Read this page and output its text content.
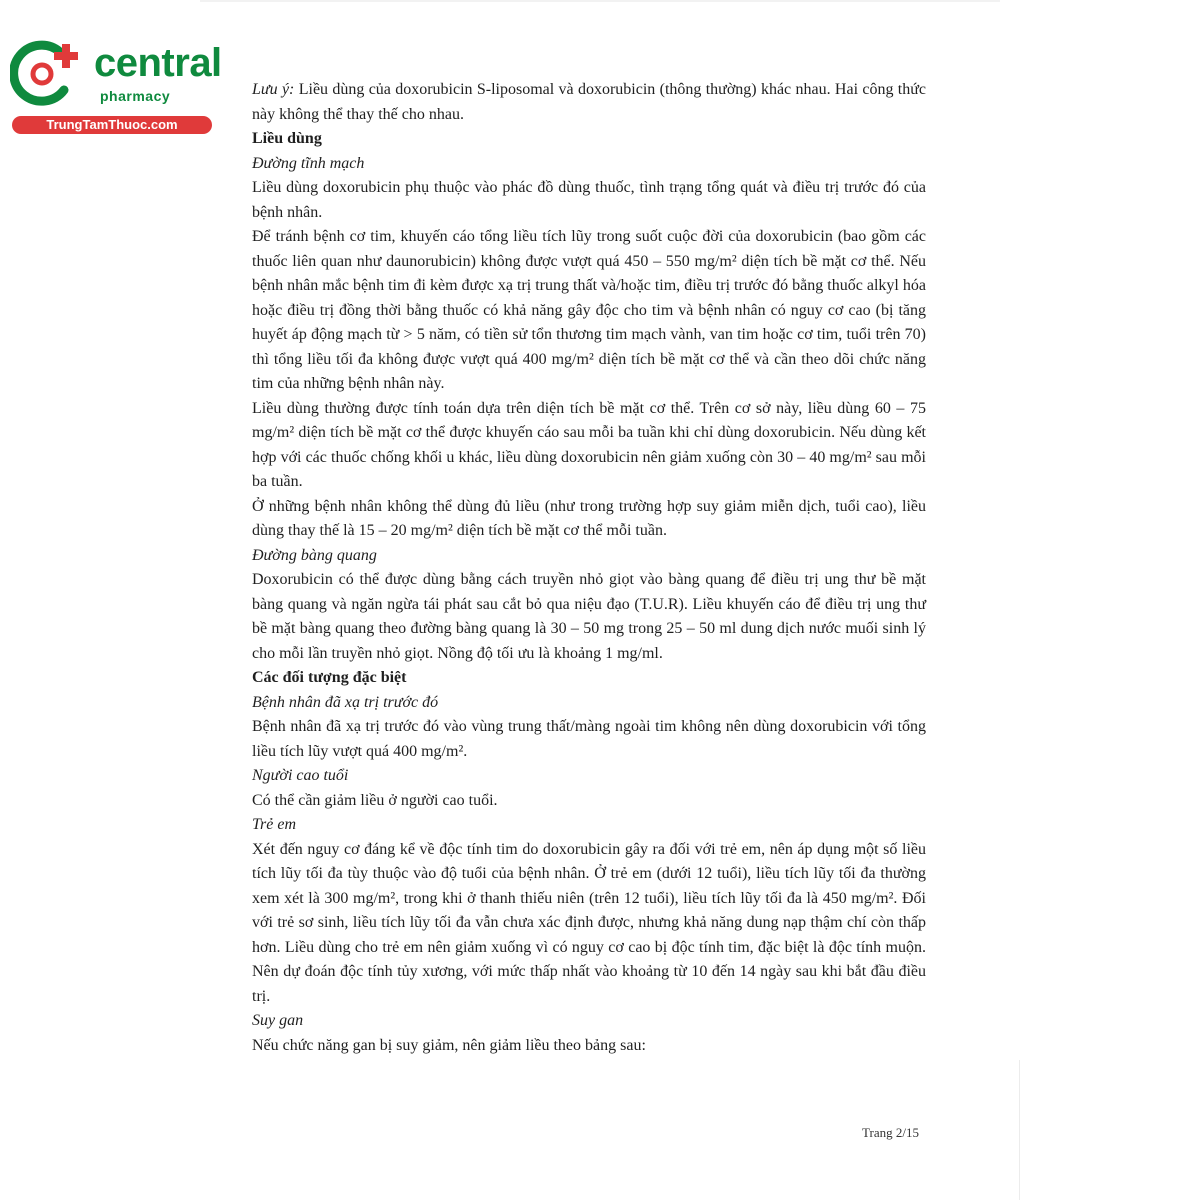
central
pharmacy
TrungTamThuoc.com

Lưu ý: Liều dùng của doxorubicin S-liposomal và doxorubicin (thông thường) khác nhau. Hai công thức này không thể thay thế cho nhau.

Liều dùng

Đường tĩnh mạch

Liều dùng doxorubicin phụ thuộc vào phác đồ dùng thuốc, tình trạng tổng quát và điều trị trước đó của bệnh nhân.

Để tránh bệnh cơ tim, khuyến cáo tổng liều tích lũy trong suốt cuộc đời của doxorubicin (bao gồm các thuốc liên quan như daunorubicin) không được vượt quá 450 – 550 mg/m² diện tích bề mặt cơ thể. Nếu bệnh nhân mắc bệnh tim đi kèm được xạ trị trung thất và/hoặc tim, điều trị trước đó bằng thuốc alkyl hóa hoặc điều trị đồng thời bằng thuốc có khả năng gây độc cho tim và bệnh nhân có nguy cơ cao (bị tăng huyết áp động mạch từ > 5 năm, có tiền sử tổn thương tim mạch vành, van tim hoặc cơ tim, tuổi trên 70) thì tổng liều tối đa không được vượt quá 400 mg/m² diện tích bề mặt cơ thể và cần theo dõi chức năng tim của những bệnh nhân này.

Liều dùng thường được tính toán dựa trên diện tích bề mặt cơ thể. Trên cơ sở này, liều dùng 60 – 75 mg/m² diện tích bề mặt cơ thể được khuyến cáo sau mỗi ba tuần khi chỉ dùng doxorubicin. Nếu dùng kết hợp với các thuốc chống khối u khác, liều dùng doxorubicin nên giảm xuống còn 30 – 40 mg/m² sau mỗi ba tuần.

Ở những bệnh nhân không thể dùng đủ liều (như trong trường hợp suy giảm miễn dịch, tuổi cao), liều dùng thay thế là 15 – 20 mg/m² diện tích bề mặt cơ thể mỗi tuần.

Đường bàng quang

Doxorubicin có thể được dùng bằng cách truyền nhỏ giọt vào bàng quang để điều trị ung thư bề mặt bàng quang và ngăn ngừa tái phát sau cắt bỏ qua niệu đạo (T.U.R). Liều khuyến cáo để điều trị ung thư bề mặt bàng quang theo đường bàng quang là 30 – 50 mg trong 25 – 50 ml dung dịch nước muối sinh lý cho mỗi lần truyền nhỏ giọt. Nồng độ tối ưu là khoảng 1 mg/ml.

Các đối tượng đặc biệt

Bệnh nhân đã xạ trị trước đó

Bệnh nhân đã xạ trị trước đó vào vùng trung thất/màng ngoài tim không nên dùng doxorubicin với tổng liều tích lũy vượt quá 400 mg/m².

Người cao tuổi

Có thể cần giảm liều ở người cao tuổi.

Trẻ em

Xét đến nguy cơ đáng kể về độc tính tim do doxorubicin gây ra đối với trẻ em, nên áp dụng một số liều tích lũy tối đa tùy thuộc vào độ tuổi của bệnh nhân. Ở trẻ em (dưới 12 tuổi), liều tích lũy tối đa thường xem xét là 300 mg/m², trong khi ở thanh thiếu niên (trên 12 tuổi), liều tích lũy tối đa là 450 mg/m². Đối với trẻ sơ sinh, liều tích lũy tối đa vẫn chưa xác định được, nhưng khả năng dung nạp thậm chí còn thấp hơn. Liều dùng cho trẻ em nên giảm xuống vì có nguy cơ cao bị độc tính tim, đặc biệt là độc tính muộn. Nên dự đoán độc tính tủy xương, với mức thấp nhất vào khoảng từ 10 đến 14 ngày sau khi bắt đầu điều trị.

Suy gan

Nếu chức năng gan bị suy giảm, nên giảm liều theo bảng sau:

Trang 2/15
